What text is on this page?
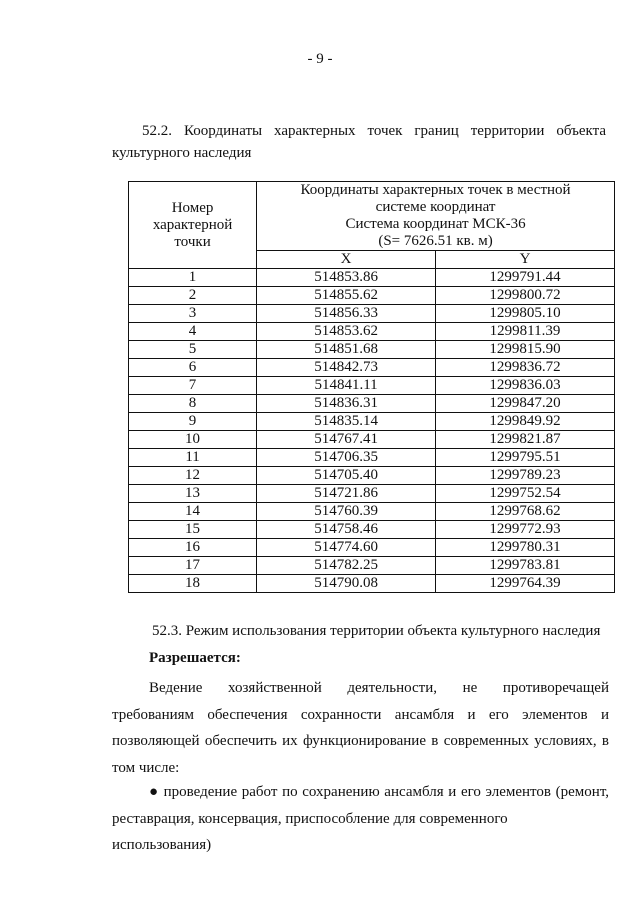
- 9 -

52.2. Координаты характерных точек границ территории объекта
культурного наследия

Номер характерной точки	Координаты характерных точек в местной
системе координат
Система координат МСК-36
(S= 7626.51 кв. м)	

	X	Y
1	514853.86	1299791.44
2	514855.62	1299800.72
3	514856.33	1299805.10
4	514853.62	1299811.39
5	514851.68	1299815.90
6	514842.73	1299836.72
7	514841.11	1299836.03
8	514836.31	1299847.20
9	514835.14	1299849.92
10	514767.41	1299821.87
11	514706.35	1299795.51
12	514705.40	1299789.23
13	514721.86	1299752.54
14	514760.39	1299768.62
15	514758.46	1299772.93
16	514774.60	1299780.31
17	514782.25	1299783.81
18	514790.08	1299764.39

52.3. Режим использования территории объекта культурного наследия

Разрешается:

Ведение хозяйственной деятельности, не противоречащей
требованиям обеспечения сохранности ансамбля и его элементов и
позволяющей обеспечить их функционирование в современных условиях, в
том числе:

● проведение работ по сохранению ансамбля и его элементов (ремонт,
реставрация, консервация, приспособление для современного использования)
